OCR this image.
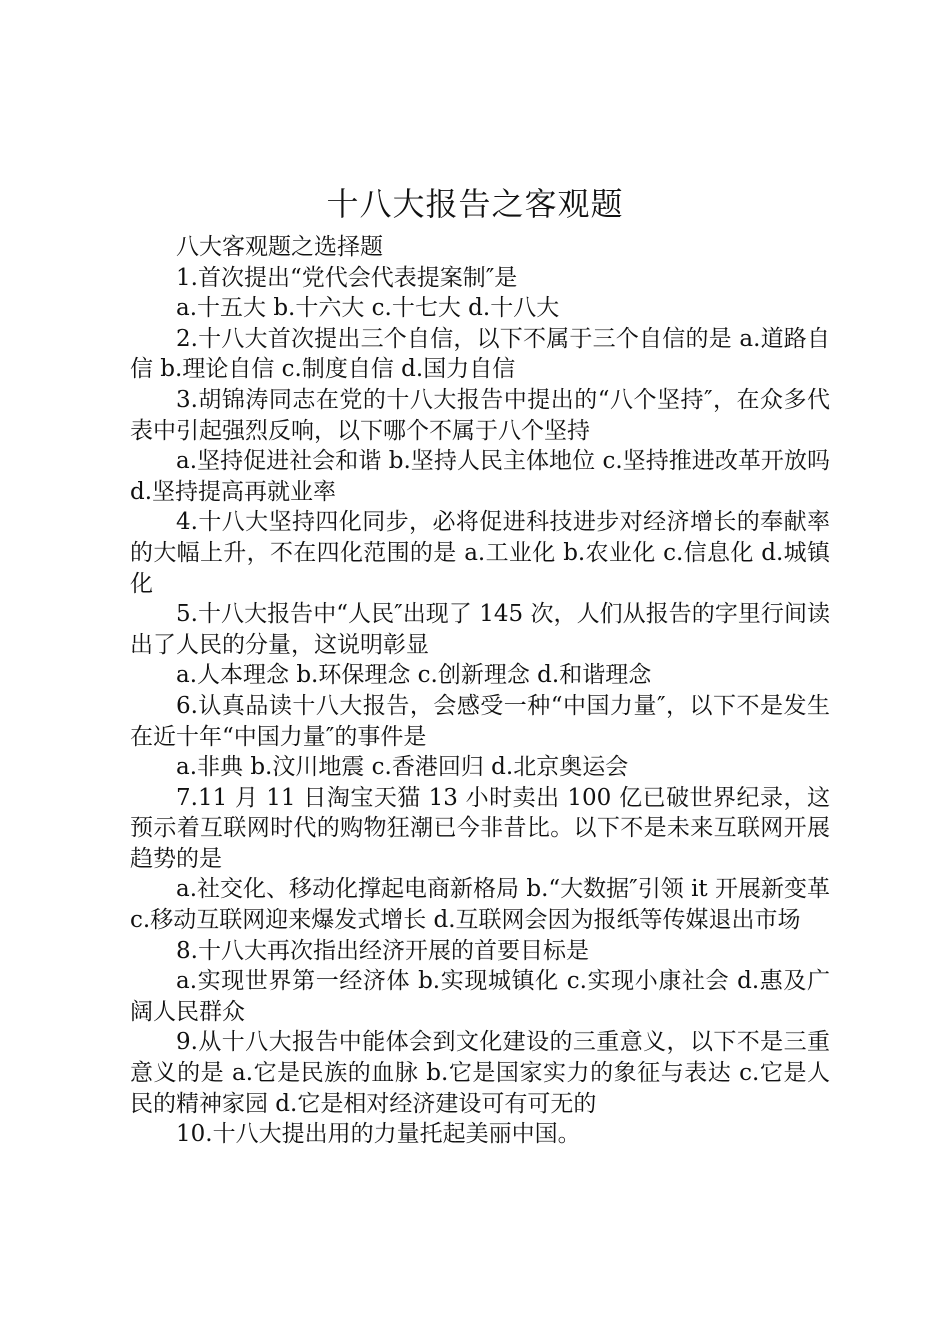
十八大报告之客观题

八大客观题之选择题

1.首次提出“党代会代表提案制″是

a.十五大 b.十六大 c.十七大 d.十八大

2.十八大首次提出三个自信，以下不属于三个自信的是 a.道路自信 b.理论自信 c.制度自信 d.国力自信

3.胡锦涛同志在党的十八大报告中提出的“八个坚持″，在众多代表中引起强烈反响，以下哪个不属于八个坚持

a.坚持促进社会和谐 b.坚持人民主体地位 c.坚持推进改革开放吗 d.坚持提高再就业率

4.十八大坚持四化同步，必将促进科技进步对经济增长的奉献率的大幅上升，不在四化范围的是 a.工业化 b.农业化 c.信息化 d.城镇化

5.十八大报告中“人民″出现了 145 次，人们从报告的字里行间读出了人民的分量，这说明彰显

a.人本理念 b.环保理念 c.创新理念 d.和谐理念

6.认真品读十八大报告，会感受一种“中国力量″，以下不是发生在近十年“中国力量″的事件是

a.非典 b.汶川地震 c.香港回归 d.北京奥运会

7.11 月 11 日淘宝天猫 13 小时卖出 100 亿已破世界纪录，这预示着互联网时代的购物狂潮已今非昔比。以下不是未来互联网开展趋势的是

a.社交化、移动化撑起电商新格局 b.“大数据″引领 it 开展新变革 c.移动互联网迎来爆发式增长 d.互联网会因为报纸等传媒退出市场

8.十八大再次指出经济开展的首要目标是

a.实现世界第一经济体 b.实现城镇化 c.实现小康社会 d.惠及广阔人民群众

9.从十八大报告中能体会到文化建设的三重意义，以下不是三重意义的是 a.它是民族的血脉 b.它是国家实力的象征与表达 c.它是人民的精神家园 d.它是相对经济建设可有可无的

10.十八大提出用的力量托起美丽中国。
